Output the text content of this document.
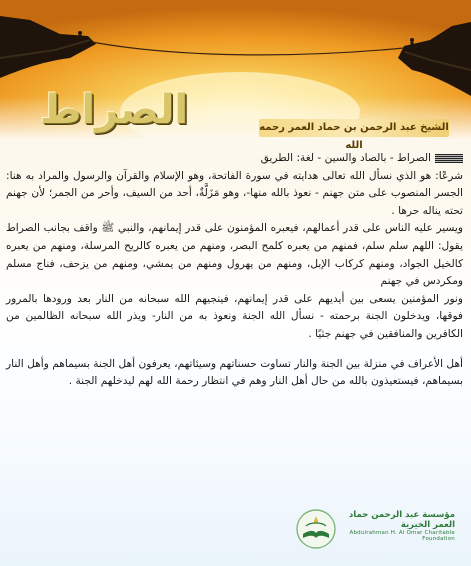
الصراط	الشيخ عبد الرحمن بن حماد العمر رحمه الله

الصراط - بالصاد والسين - لغة: الطريق
شرعًا: هو الذي نسأل الله تعالى هدايته في سورة الفاتحة، وهو الإسلام والقرآن والرسول والمراد به هنا: الجسر المنصوب على متن جهنم - نعوذ بالله منها-، وهو مَزَلَّةٌ، أحد من السيف، وأحر من الجمر؛ لأن جهنم تحته يناله حرها .

ويسير عليه الناس على قدر أعمالهم، فيعبره المؤمنون على قدر إيمانهم، والنبي ﷺ واقف بجانب الصراط يقول: اللهم سلم سلم، فمنهم من يعبره كلمح البصر، ومنهم من يعبره كالريح المرسلة، ومنهم من يعبره كالخيل الجواد، ومنهم كركاب الإبل، ومنهم من يهرول ومنهم من يمشي، ومنهم من يزحف، فناج مسلم ومكردس في جهنم

ونور المؤمنين يسعى بين أيديهم على قدر إيمانهم، فينجيهم الله سبحانه من النار بعد ورودها بالمرور فوقها، ويدخلون الجنة برحمته - نسأل الله الجنة ونعوذ به من النار- ويذر الله سبحانه الظالمين من الكافرين والمنافقين في جهنم جثيًا .

أهل الأعراف في منزلة بين الجنة والنار تساوت حسناتهم وسيئاتهم، يعرفون أهل الجنة بسيماهم وأهل النار بسيماهم، فيستعيذون بالله من حال أهل النار وهم في انتظار رحمة الله لهم ليدخلهم الجنة .

مؤسسة عبد الرحمن حماد العمر الخيرية
Abdulrahman H. Al Omar Charitable Foundation
